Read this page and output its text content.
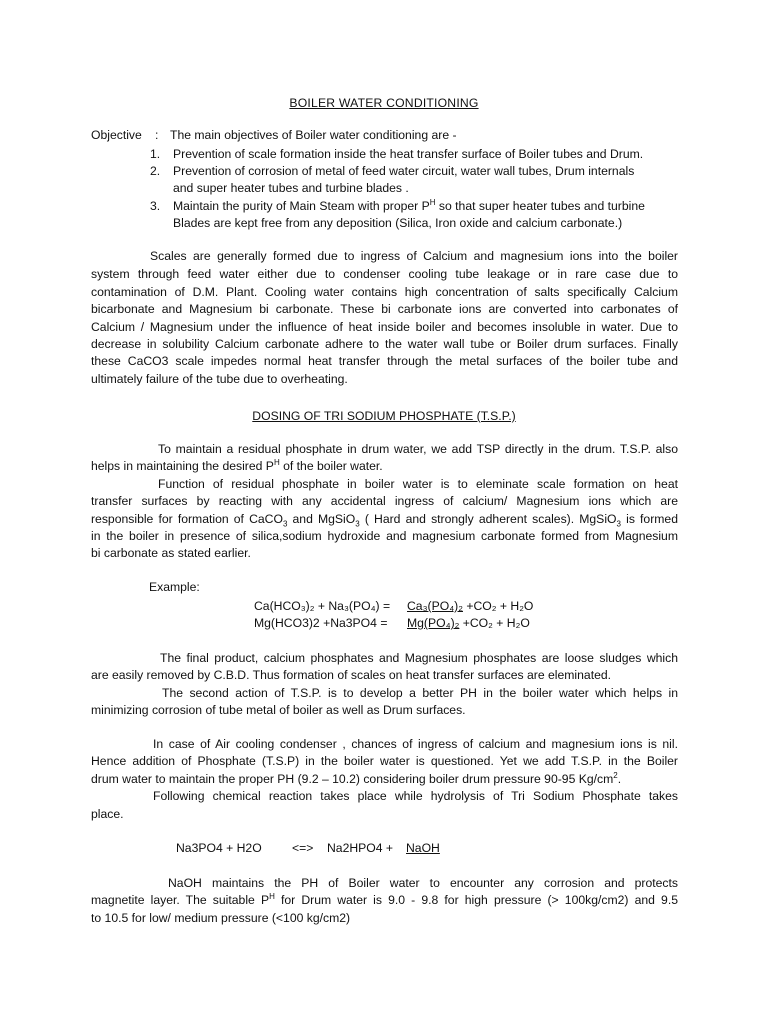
BOILER WATER CONDITIONING
Objective : The main objectives of Boiler water conditioning are -
1. Prevention of scale formation inside the heat transfer surface of Boiler tubes and Drum.
2. Prevention of corrosion of metal of feed water circuit, water wall tubes, Drum internals
and super heater tubes and turbine blades .
3. Maintain the purity of Main Steam with proper $P^H$ so that super heater tubes and turbine
Blades are kept free from any deposition (Silica, Iron oxide and calcium carbonate.)
Scales are generally formed due to ingress of Calcium and magnesium ions into the boiler
system through feed water either due to condenser cooling tube leakage or in rare case due to
contamination of D.M. Plant. Cooling water contains high concentration of salts specifically Calcium
bicarbonate and Magnesium bi carbonate. These bi carbonate ions are converted into carbonates of
Calcium / Magnesium under the influence of heat inside boiler and becomes insoluble in water. Due to
decrease in solubility Calcium carbonate adhere to the water wall tube or Boiler drum surfaces. Finally
these CaCO3 scale impedes normal heat transfer through the metal surfaces of the boiler tube and
ultimately failure of the tube due to overheating.
DOSING OF TRI SODIUM PHOSPHATE (T.S.P.)
To maintain a residual phosphate in drum water, we add TSP directly in the drum. T.S.P. also
helps in maintaining the desired $P^H$ of the boiler water.
Function of residual phosphate in boiler water is to eleminate scale formation on heat
transfer surfaces by reacting with any accidental ingress of calcium/ Magnesium ions which are
responsible for formation of CaCO$_3$ and MgSiO$_3$ ( Hard and strongly adherent scales). MgSiO$_3$ is formed
in the boiler in presence of silica,sodium hydroxide and magnesium carbonate formed from Magnesium
bi carbonate as stated earlier.
Example:
Ca(HCO₃)₂ + Na₃(PO₄) = Ca₃(PO₄)₂ +CO₂ + H₂O
Mg(HCO3)2 +Na3PO4 = Mg(PO₄)₂ +CO₂ + H₂O
The final product, calcium phosphates and Magnesium phosphates are loose sludges which
are easily removed by C.B.D. Thus formation of scales on heat transfer surfaces are eleminated.
The second action of T.S.P. is to develop a better PH in the boiler water which helps in
minimizing corrosion of tube metal of boiler as well as Drum surfaces.
In case of Air cooling condenser , chances of ingress of calcium and magnesium ions is nil.
Hence addition of Phosphate (T.S.P) in the boiler water is questioned. Yet we add T.S.P. in the Boiler
drum water to maintain the proper PH (9.2 – 10.2) considering boiler drum pressure 90-95 $Kg/cm^2$.
Following chemical reaction takes place while hydrolysis of Tri Sodium Phosphate takes
place.
Na3PO4 + H2O <=> Na2HPO4 + NaOH
NaOH maintains the PH of Boiler water to encounter any corrosion and protects
magnetite layer. The suitable $P^H$ for Drum water is 9.0 - 9.8 for high pressure (> 100kg/cm2) and 9.5
to 10.5 for low/ medium pressure (<100 kg/cm2)
